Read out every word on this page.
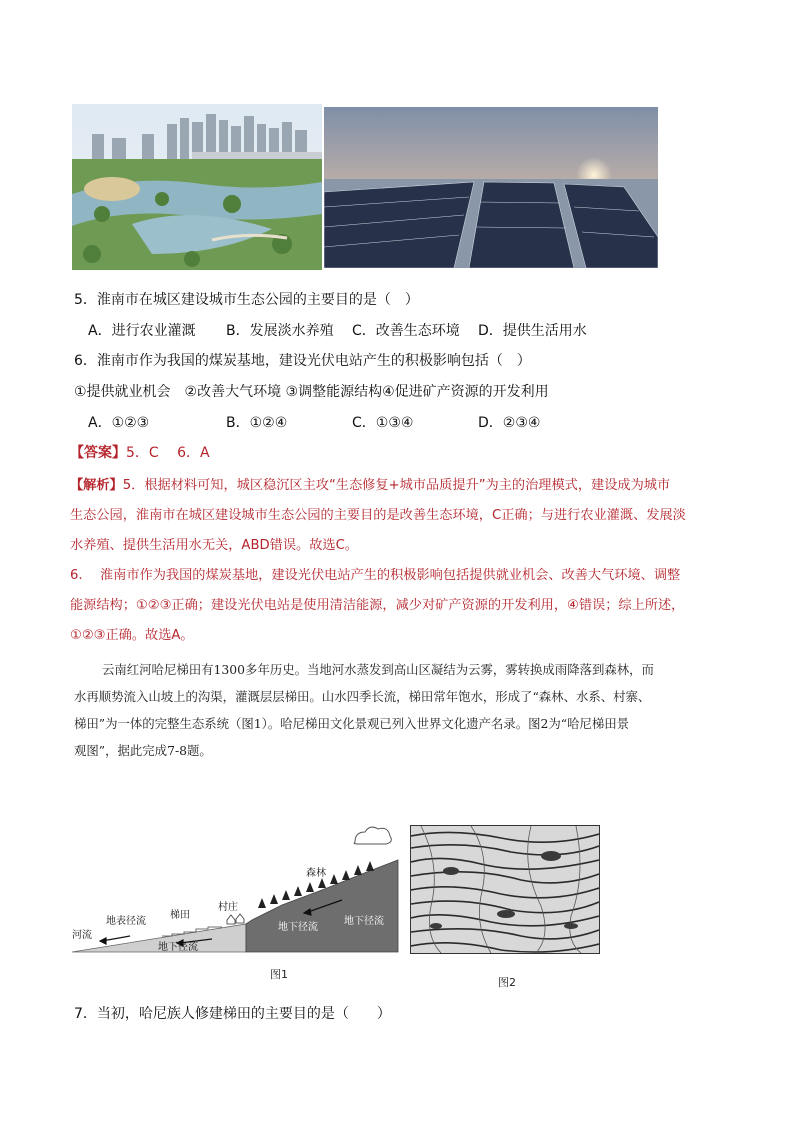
5．淮南市在城区建设城市生态公园的主要目的是（　）
A．进行农业灌溉 B．发展淡水养殖 C．改善生态环境 D．提供生活用水
6．淮南市作为我国的煤炭基地，建设光伏电站产生的积极影响包括（　）
①提供就业机会　②改善大气环境 ③调整能源结构④促进矿产资源的开发利用
A．①②③	B．①②④	C．①③④	D．②③④
【答案】5．C　 6．A
【解析】5．根据材料可知，城区稳沉区主攻“生态修复+城市品质提升”为主的治理模式，建设成为城市
生态公园，淮南市在城区建设城市生态公园的主要目的是改善生态环境，C正确；与进行农业灌溉、发展淡
水养殖、提供生活用水无关，ABD错误。故选C。
6.　 淮南市作为我国的煤炭基地，建设光伏电站产生的积极影响包括提供就业机会、改善大气环境、调整
能源结构；①②③正确；建设光伏电站是使用清洁能源，减少对矿产资源的开发利用，④错误；综上所述，
①②③正确。故选A。
云南红河哈尼梯田有1300多年历史。当地河水蒸发到高山区凝结为云雾，雾转换成雨降落到森林，而
水再顺势流入山坡上的沟渠，灌溉层层梯田。山水四季长流，梯田常年饱水，形成了“森林、水系、村寨、
梯田”为一体的完整生态系统（图1）。哈尼梯田文化景观已列入世界文化遗产名录。图2为“哈尼梯田景
观图”，据此完成7-8题。
森林
村庄
梯田
地表径流
河流
地下径流
地下径流
地下径流
图1
图2
7．当初，哈尼族人修建梯田的主要目的是（　　）
